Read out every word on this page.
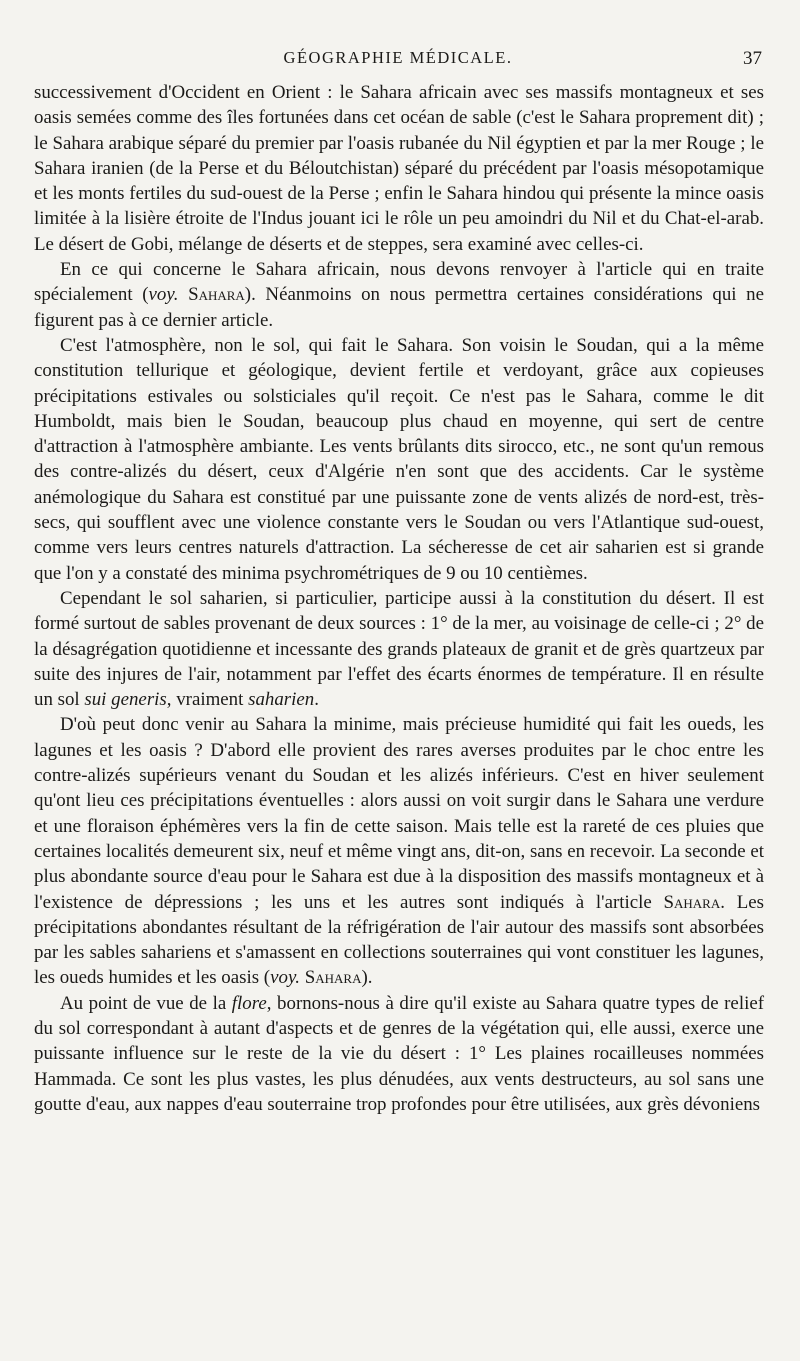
GÉOGRAPHIE MÉDICALE.	37

successivement d'Occident en Orient : le Sahara africain avec ses massifs montagneux et ses oasis semées comme des îles fortunées dans cet océan de sable (c'est le Sahara proprement dit) ; le Sahara arabique séparé du premier par l'oasis rubanée du Nil égyptien et par la mer Rouge ; le Sahara iranien (de la Perse et du Béloutchistan) séparé du précédent par l'oasis mésopotamique et les monts fertiles du sud-ouest de la Perse ; enfin le Sahara hindou qui présente la mince oasis limitée à la lisière étroite de l'Indus jouant ici le rôle un peu amoindri du Nil et du Chat-el-arab. Le désert de Gobi, mélange de déserts et de steppes, sera examiné avec celles-ci.

En ce qui concerne le Sahara africain, nous devons renvoyer à l'article qui en traite spécialement (voy. Sahara). Néanmoins on nous permettra certaines considérations qui ne figurent pas à ce dernier article.

C'est l'atmosphère, non le sol, qui fait le Sahara. Son voisin le Soudan, qui a la même constitution tellurique et géologique, devient fertile et verdoyant, grâce aux copieuses précipitations estivales ou solsticiales qu'il reçoit. Ce n'est pas le Sahara, comme le dit Humboldt, mais bien le Soudan, beaucoup plus chaud en moyenne, qui sert de centre d'attraction à l'atmosphère ambiante. Les vents brûlants dits sirocco, etc., ne sont qu'un remous des contre-alizés du désert, ceux d'Algérie n'en sont que des accidents. Car le système anémologique du Sahara est constitué par une puissante zone de vents alizés de nord-est, très-secs, qui soufflent avec une violence constante vers le Soudan ou vers l'Atlantique sud-ouest, comme vers leurs centres naturels d'attraction. La sécheresse de cet air saharien est si grande que l'on y a constaté des minima psychrométriques de 9 ou 10 centièmes.

Cependant le sol saharien, si particulier, participe aussi à la constitution du désert. Il est formé surtout de sables provenant de deux sources : 1° de la mer, au voisinage de celle-ci ; 2° de la désagrégation quotidienne et incessante des grands plateaux de granit et de grès quartzeux par suite des injures de l'air, notamment par l'effet des écarts énormes de température. Il en résulte un sol sui generis, vraiment saharien.

D'où peut donc venir au Sahara la minime, mais précieuse humidité qui fait les oueds, les lagunes et les oasis ? D'abord elle provient des rares averses produites par le choc entre les contre-alizés supérieurs venant du Soudan et les alizés inférieurs. C'est en hiver seulement qu'ont lieu ces précipitations éventuelles : alors aussi on voit surgir dans le Sahara une verdure et une floraison éphémères vers la fin de cette saison. Mais telle est la rareté de ces pluies que certaines localités demeurent six, neuf et même vingt ans, dit-on, sans en recevoir. La seconde et plus abondante source d'eau pour le Sahara est due à la disposition des massifs montagneux et à l'existence de dépressions ; les uns et les autres sont indiqués à l'article Sahara. Les précipitations abondantes résultant de la réfrigération de l'air autour des massifs sont absorbées par les sables sahariens et s'amassent en collections souterraines qui vont constituer les lagunes, les oueds humides et les oasis (voy. Sahara).

Au point de vue de la flore, bornons-nous à dire qu'il existe au Sahara quatre types de relief du sol correspondant à autant d'aspects et de genres de la végétation qui, elle aussi, exerce une puissante influence sur le reste de la vie du désert : 1° Les plaines rocailleuses nommées Hammada. Ce sont les plus vastes, les plus dénudées, aux vents destructeurs, au sol sans une goutte d'eau, aux nappes d'eau souterraine trop profondes pour être utilisées, aux grès dévoniens
